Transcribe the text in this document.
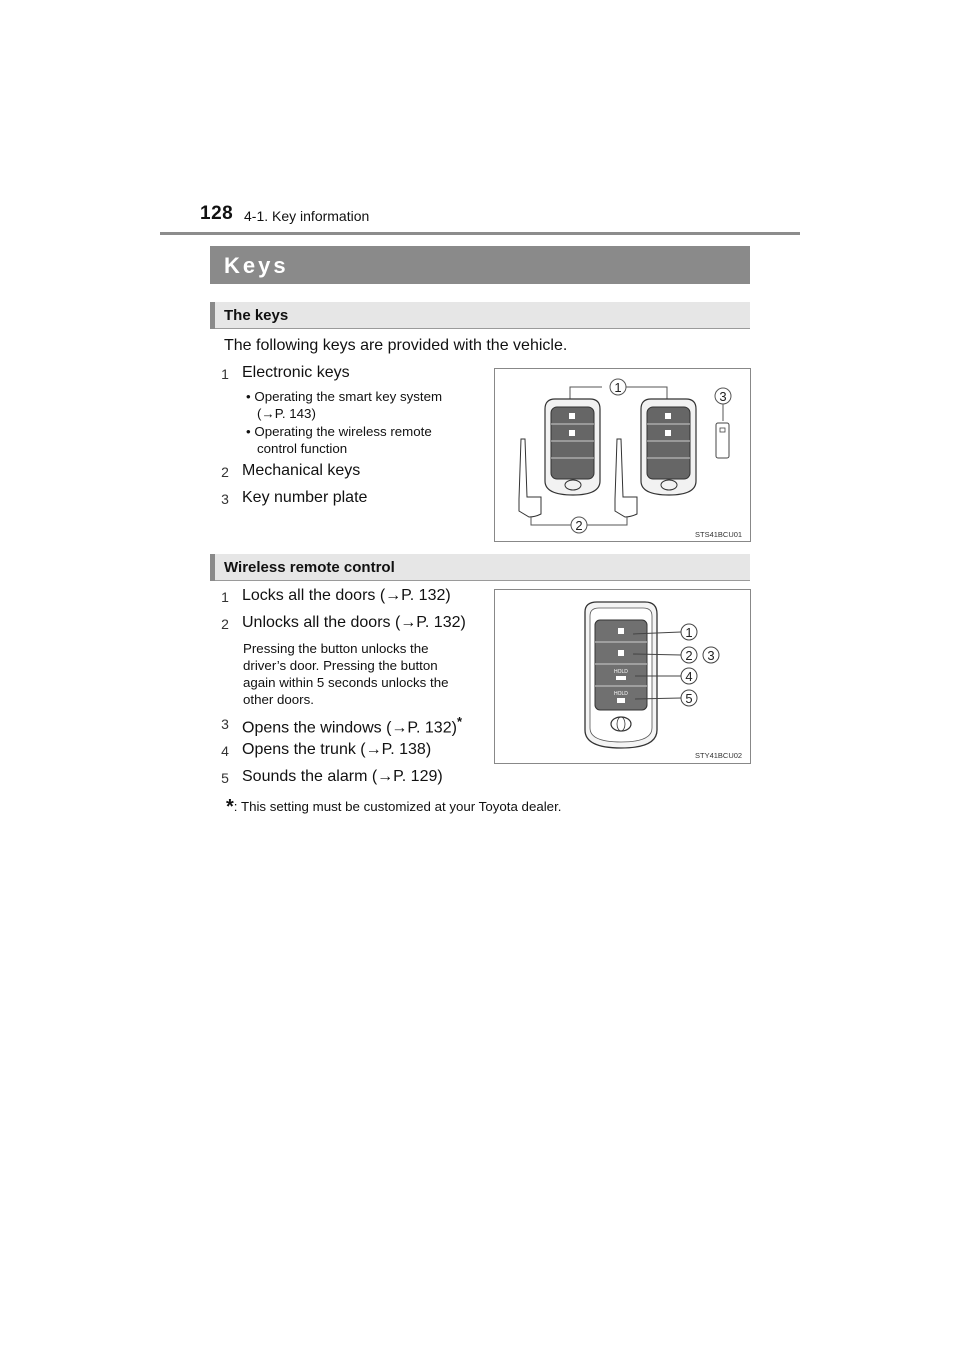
128 4-1. Key information
Keys
The keys
The following keys are provided with the vehicle.
1 Electronic keys
• Operating the smart key system
(→P. 143)
• Operating the wireless remote
control function
2 Mechanical keys
3 Key number plate
1
2
3
STS41BCU01
Wireless remote control
1 Locks all the doors (→P. 132)
2 Unlocks all the doors (→P. 132)
Pressing the button unlocks the
driver’s door. Pressing the button
again within 5 seconds unlocks the
other doors.
3 Opens the windows (→P. 132)*
4 Opens the trunk (→P. 138)
5 Sounds the alarm (→P. 129)
HOLD
HOLD
1
2 3
4
5
STY41BCU02
*: This setting must be customized at your Toyota dealer.
